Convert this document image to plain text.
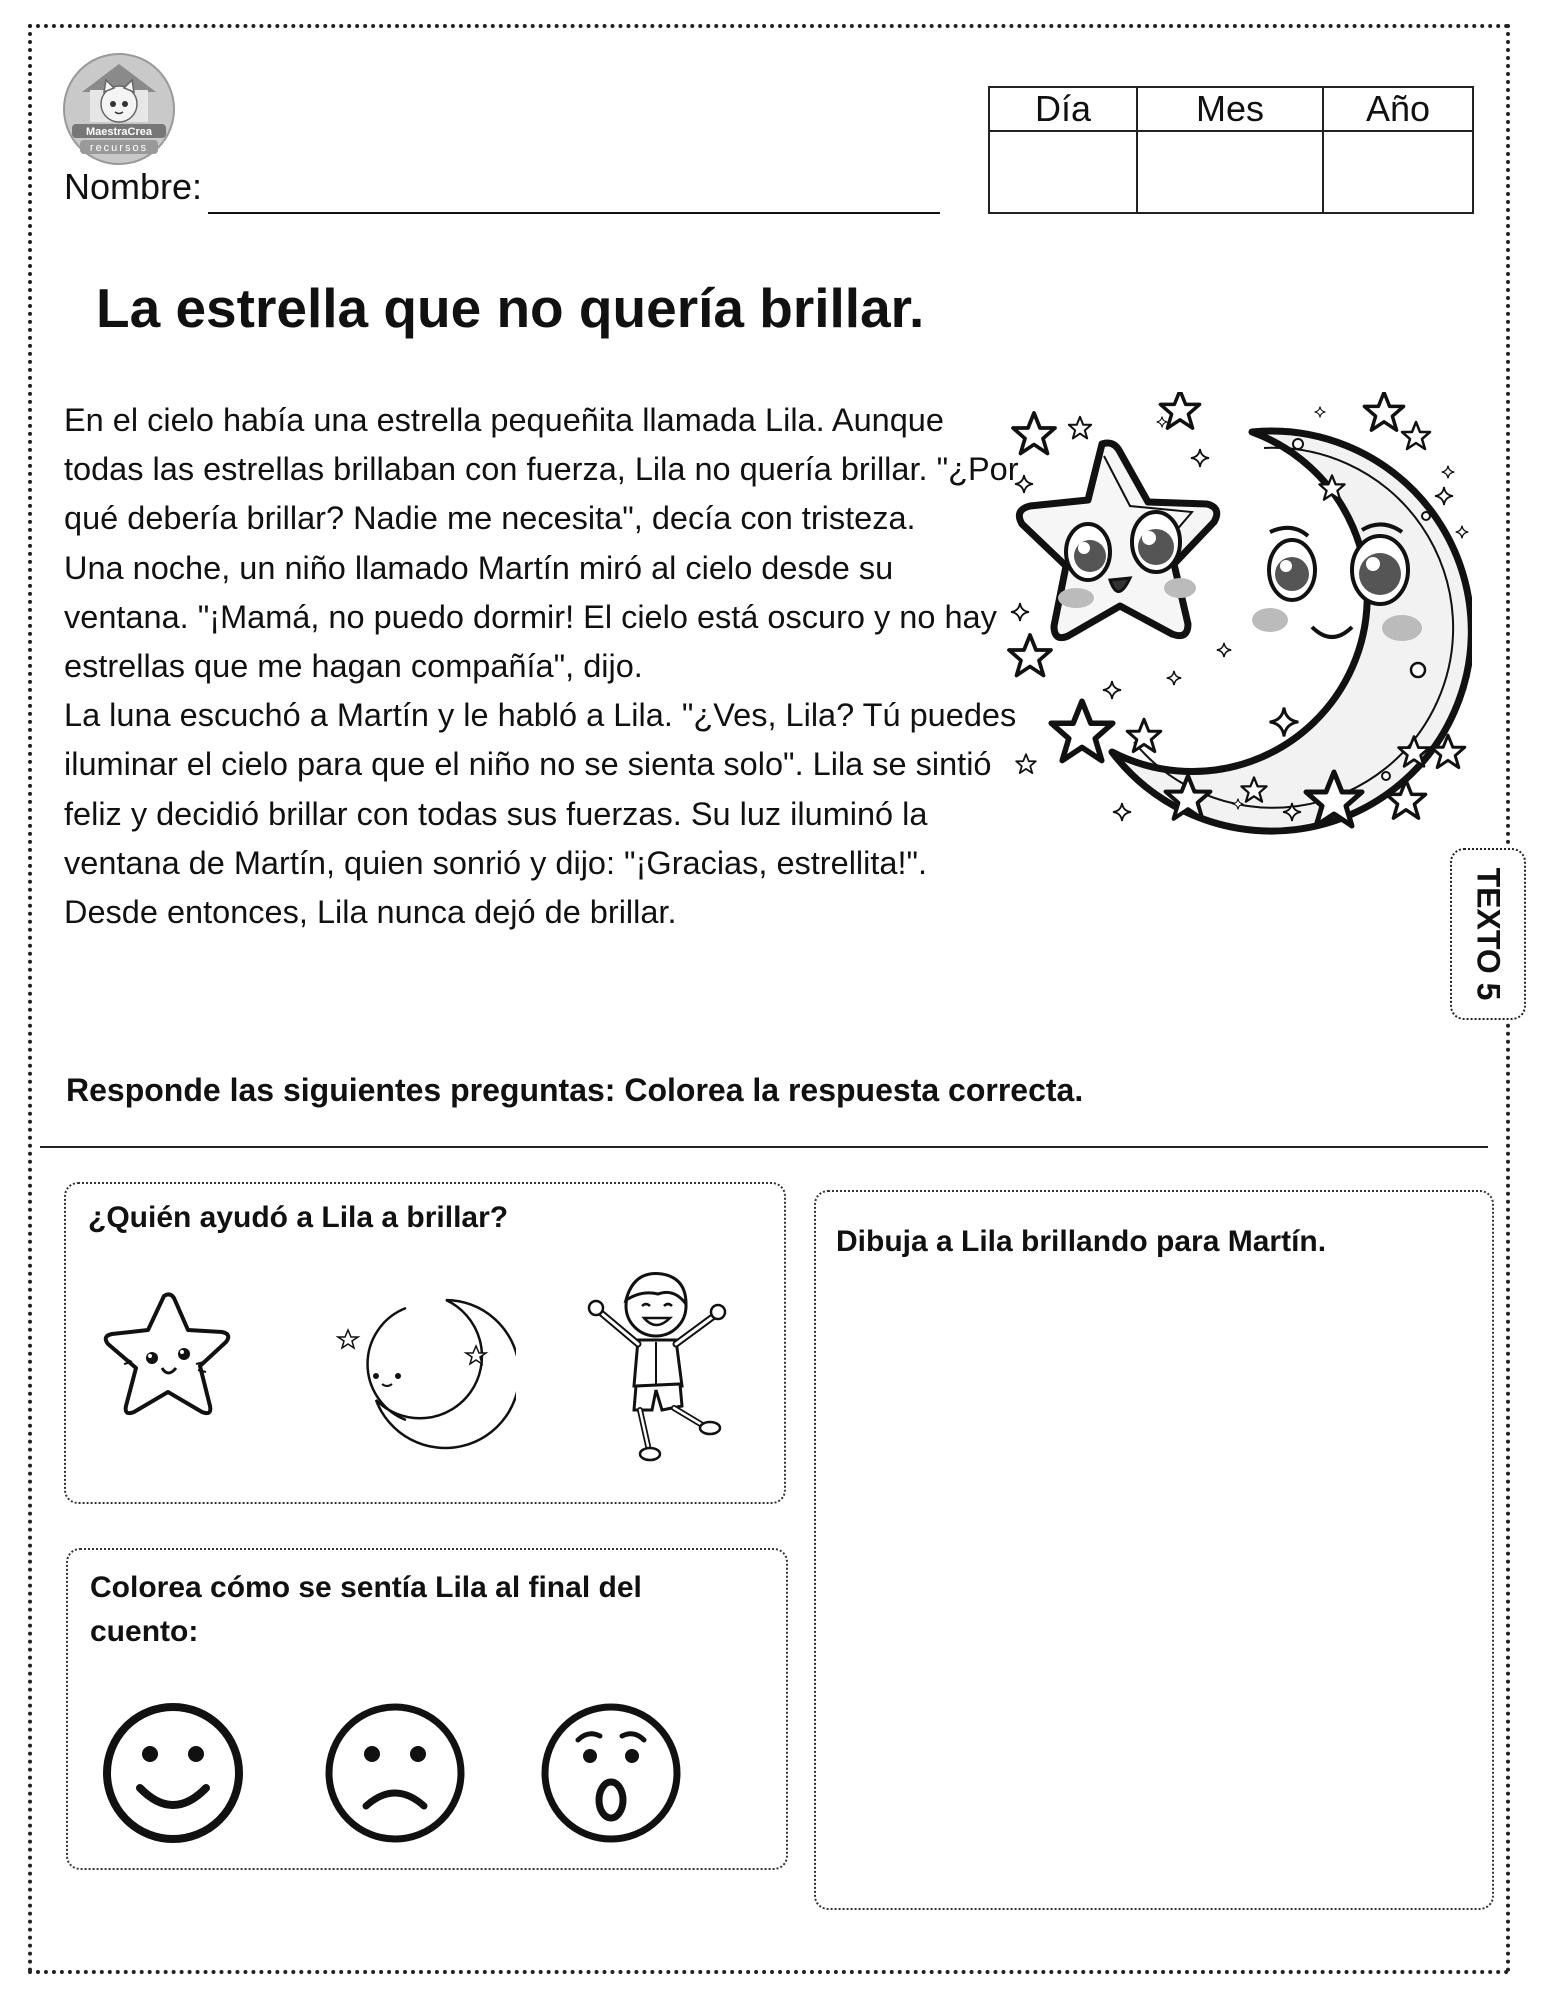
MaestraCrea
recursos
Nombre:
Día	Mes	Año

La estrella que no quería brillar.

En el cielo había una estrella pequeñita llamada Lila. Aunque todas las estrellas brillaban con fuerza, Lila no quería brillar. "¿Por qué debería brillar? Nadie me necesita", decía con tristeza.

Una noche, un niño llamado Martín miró al cielo desde su ventana. "¡Mamá, no puedo dormir! El cielo está oscuro y no hay estrellas que me hagan compañía", dijo.

La luna escuchó a Martín y le habló a Lila. "¿Ves, Lila? Tú puedes iluminar el cielo para que el niño no se sienta solo". Lila se sintió feliz y decidió brillar con todas sus fuerzas. Su luz iluminó la ventana de Martín, quien sonrió y dijo: "¡Gracias, estrellita!". Desde entonces, Lila nunca dejó de brillar.	TEXTO 5
Responde las siguientes preguntas: Colorea la respuesta correcta.
¿Quién ayudó a Lila a brillar?
Colorea cómo se sentía Lila al final del cuento:
Dibuja a Lila brillando para Martín.
